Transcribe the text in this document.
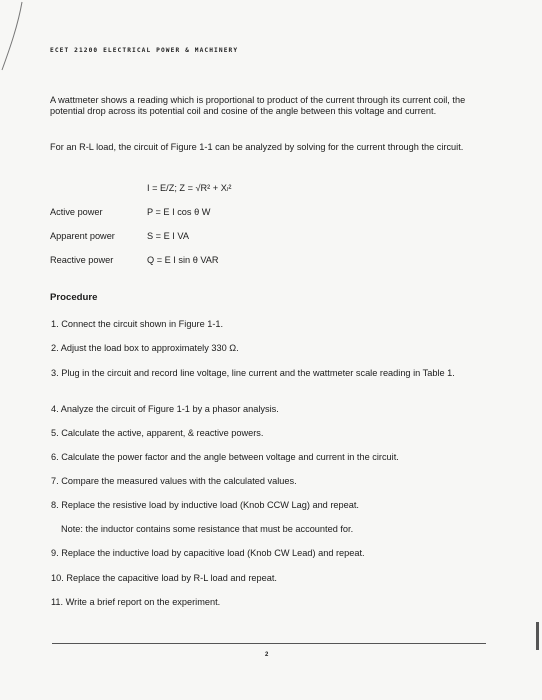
ECET 21200 ELECTRICAL POWER & MACHINERY
A wattmeter shows a reading which is proportional to product of the current through its current coil, the potential drop across its potential coil and cosine of the angle between this voltage and current.
For an R-L load, the circuit of Figure 1-1 can be analyzed by solving for the current through the circuit.
I = E/Z; Z = √R² + Xₗ²
Active power	P = E I cos θ W
Apparent power	S = E I VA
Reactive power	Q = E I sin θ VAR
Procedure
1. Connect the circuit shown in Figure 1-1.
2. Adjust the load box to approximately 330 Ω.
3. Plug in the circuit and record line voltage, line current and the wattmeter scale reading in Table 1.
4. Analyze the circuit of Figure 1-1 by a phasor analysis.
5. Calculate the active, apparent, & reactive powers.
6. Calculate the power factor and the angle between voltage and current in the circuit.
7. Compare the measured values with the calculated values.
8. Replace the resistive load by inductive load (Knob CCW Lag) and repeat.
Note: the inductor contains some resistance that must be accounted for.
9. Replace the inductive load by capacitive load (Knob CW Lead) and repeat.
10. Replace the capacitive load by R-L load and repeat.
11. Write a brief report on the experiment.
2
